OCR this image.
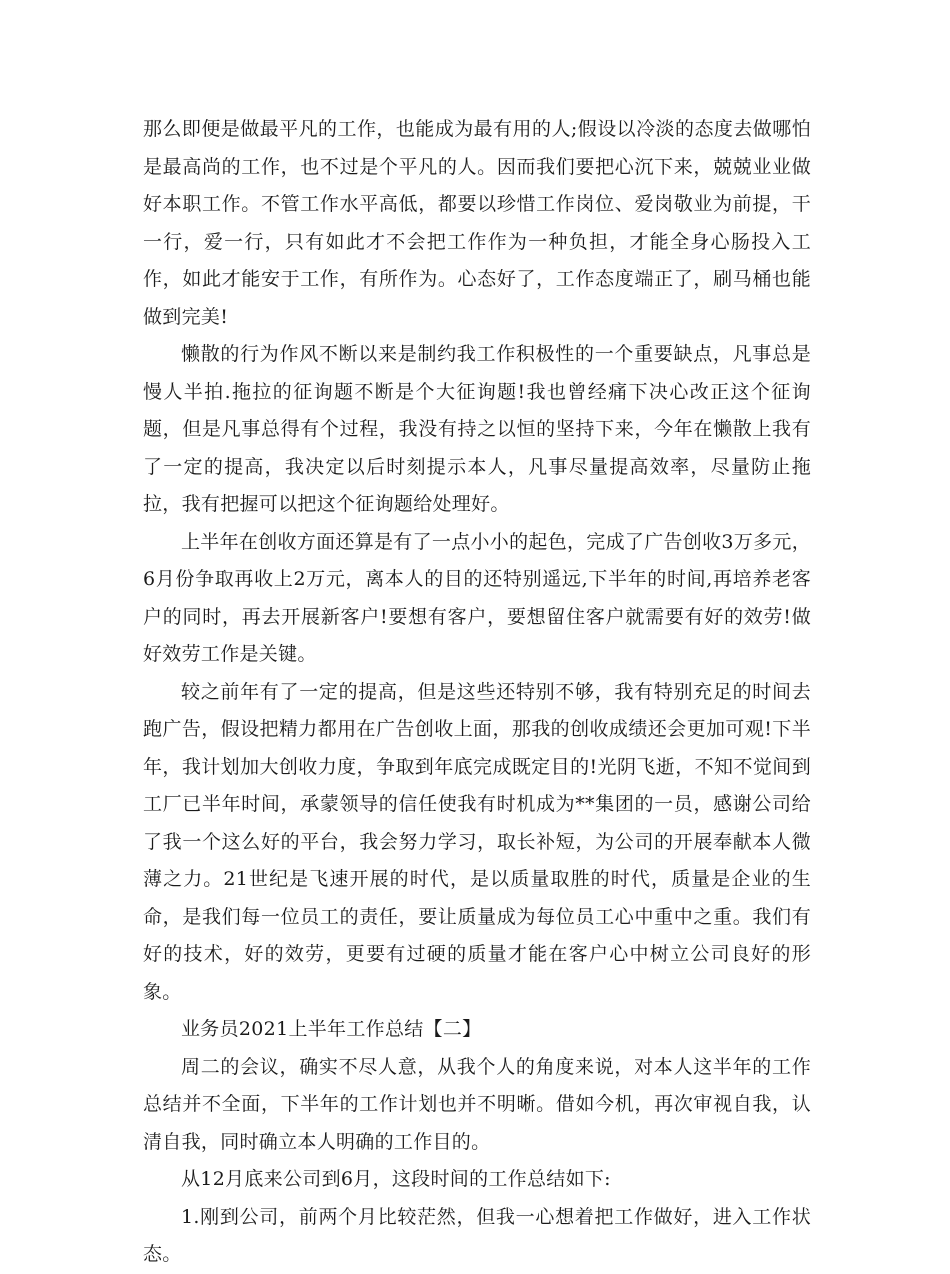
那么即便是做最平凡的工作，也能成为最有用的人;假设以冷淡的态度去做哪怕是最高尚的工作，也不过是个平凡的人。因而我们要把心沉下来，兢兢业业做好本职工作。不管工作水平高低，都要以珍惜工作岗位、爱岗敬业为前提，干一行，爱一行，只有如此才不会把工作作为一种负担，才能全身心肠投入工作，如此才能安于工作，有所作为。心态好了，工作态度端正了，刷马桶也能做到完美!

懒散的行为作风不断以来是制约我工作积极性的一个重要缺点，凡事总是慢人半拍.拖拉的征询题不断是个大征询题!我也曾经痛下决心改正这个征询题，但是凡事总得有个过程，我没有持之以恒的坚持下来，今年在懒散上我有了一定的提高，我决定以后时刻提示本人，凡事尽量提高效率，尽量防止拖拉，我有把握可以把这个征询题给处理好。

上半年在创收方面还算是有了一点小小的起色，完成了广告创收3万多元，6月份争取再收上2万元，离本人的目的还特别遥远,下半年的时间,再培养老客户的同时，再去开展新客户!要想有客户，要想留住客户就需要有好的效劳!做好效劳工作是关键。

较之前年有了一定的提高，但是这些还特别不够，我有特别充足的时间去跑广告，假设把精力都用在广告创收上面，那我的创收成绩还会更加可观!下半年，我计划加大创收力度，争取到年底完成既定目的!光阴飞逝，不知不觉间到工厂已半年时间，承蒙领导的信任使我有时机成为**集团的一员，感谢公司给了我一个这么好的平台，我会努力学习，取长补短，为公司的开展奉献本人微薄之力。21世纪是飞速开展的时代，是以质量取胜的时代，质量是企业的生命，是我们每一位员工的责任，要让质量成为每位员工心中重中之重。我们有好的技术，好的效劳，更要有过硬的质量才能在客户心中树立公司良好的形象。

业务员2021上半年工作总结【二】

周二的会议，确实不尽人意，从我个人的角度来说，对本人这半年的工作总结并不全面，下半年的工作计划也并不明晰。借如今机，再次审视自我，认清自我，同时确立本人明确的工作目的。

从12月底来公司到6月，这段时间的工作总结如下:

1.刚到公司，前两个月比较茫然，但我一心想着把工作做好，进入工作状态。
